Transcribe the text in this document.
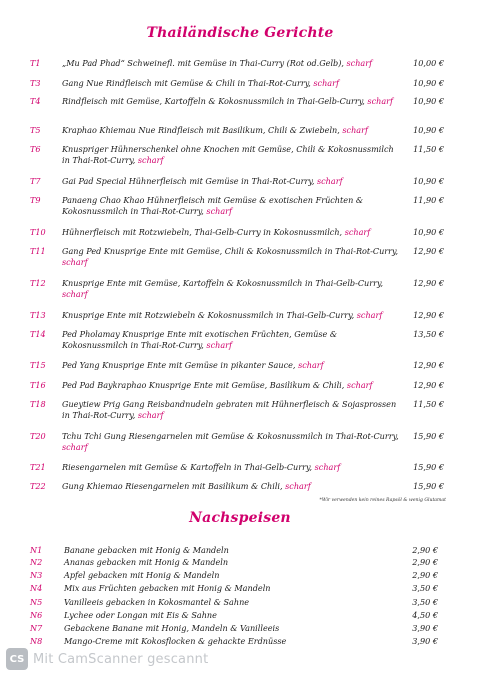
Thailändische Gerichte
T1	„Mu Pad Phad“ Schweinefl. mit Gemüse in Thai-Curry (Rot od.Gelb), scharf	10,00 €
T3	Gang Nue Rindfleisch mit Gemüse & Chili in Thai-Rot-Curry, scharf	10,90 €
T4	Rindfleisch mit Gemüse, Kartoffeln & Kokosnussmilch in Thai-Gelb-Curry, scharf	10,90 €
T5	Kraphao Khiemau Nue Rindfleisch mit Basilikum, Chili & Zwiebeln, scharf	10,90 €
T6	Knuspriger Hühnerschenkel ohne Knochen mit Gemüse, Chili & Kokosnussmilch in Thai-Rot-Curry, scharf
11,50 €
T7	Gai Pad Special Hühnerfleisch mit Gemüse in Thai-Rot-Curry, scharf	10,90 €
T9	Panaeng Chao Khao Hühnerfleisch mit Gemüse & exotischen Früchten & Kokosnussmilch in Thai-Rot-Curry, scharf
11,90 €
T10 Hühnerfleisch mit Rotzwiebeln, Thai-Gelb-Curry in Kokosnussmilch, scharf	10,90 €
T11 Gang Ped Knusprige Ente mit Gemüse, Chili & Kokosnussmilch in Thai-Rot-Curry, scharf
12,90 €
T12 Knusprige Ente mit Gemüse, Kartoffeln & Kokosnussmilch in Thai-Gelb-Curry, scharf
12,90 €
T13 Knusprige Ente mit Rotzwiebeln & Kokosnussmilch in Thai-Gelb-Curry, scharf	12,90 €
T14 Ped Pholamay Knusprige Ente mit exotischen Früchten, Gemüse & Kokosnussmilch in Thai-Rot-Curry, scharf
13,50 €
T15 Ped Yang Knusprige Ente mit Gemüse in pikanter Sauce, scharf	12,90 €
T16 Ped Pad Baykraphao Knusprige Ente mit Gemüse, Basilikum & Chili, scharf	12,90 €
T18 Gueytiew Prig Gang Reisbandnudeln gebraten mit Hühnerfleisch & Sojasprossen in Thai-Rot-Curry, scharf
11,50 €
T20 Tchu Tchi Gung Riesengarnelen mit Gemüse & Kokosnussmilch in Thai-Rot-Curry, scharf
15,90 €
T21 Riesengarnelen mit Gemüse & Kartoffeln in Thai-Gelb-Curry, scharf	15,90 €
T22 Gung Khiemao Riesengarnelen mit Basilikum & Chili, scharf	15,90 €
*Wir verwenden kein reines Rapsöl & wenig Glutamat
Nachspeisen
N1	Banane gebacken mit Honig & Mandeln	2,90 €
N2	Ananas gebacken mit Honig & Mandeln	2,90 €
N3	Apfel gebacken mit Honig & Mandeln	2,90 €
N4	Mix aus Früchten gebacken mit Honig & Mandeln	3,50 €
N5	Vanilleeis gebacken in Kokosmantel & Sahne	3,50 €
N6	Lychee oder Longan mit Eis & Sahne	4,50 €
N7	Gebackene Banane mit Honig, Mandeln & Vanilleeis	3,90 €
N8	Mango-Creme mit Kokosflocken & gehackte Erdnüsse	3,90 €
CS Mit CamScanner gescannt
